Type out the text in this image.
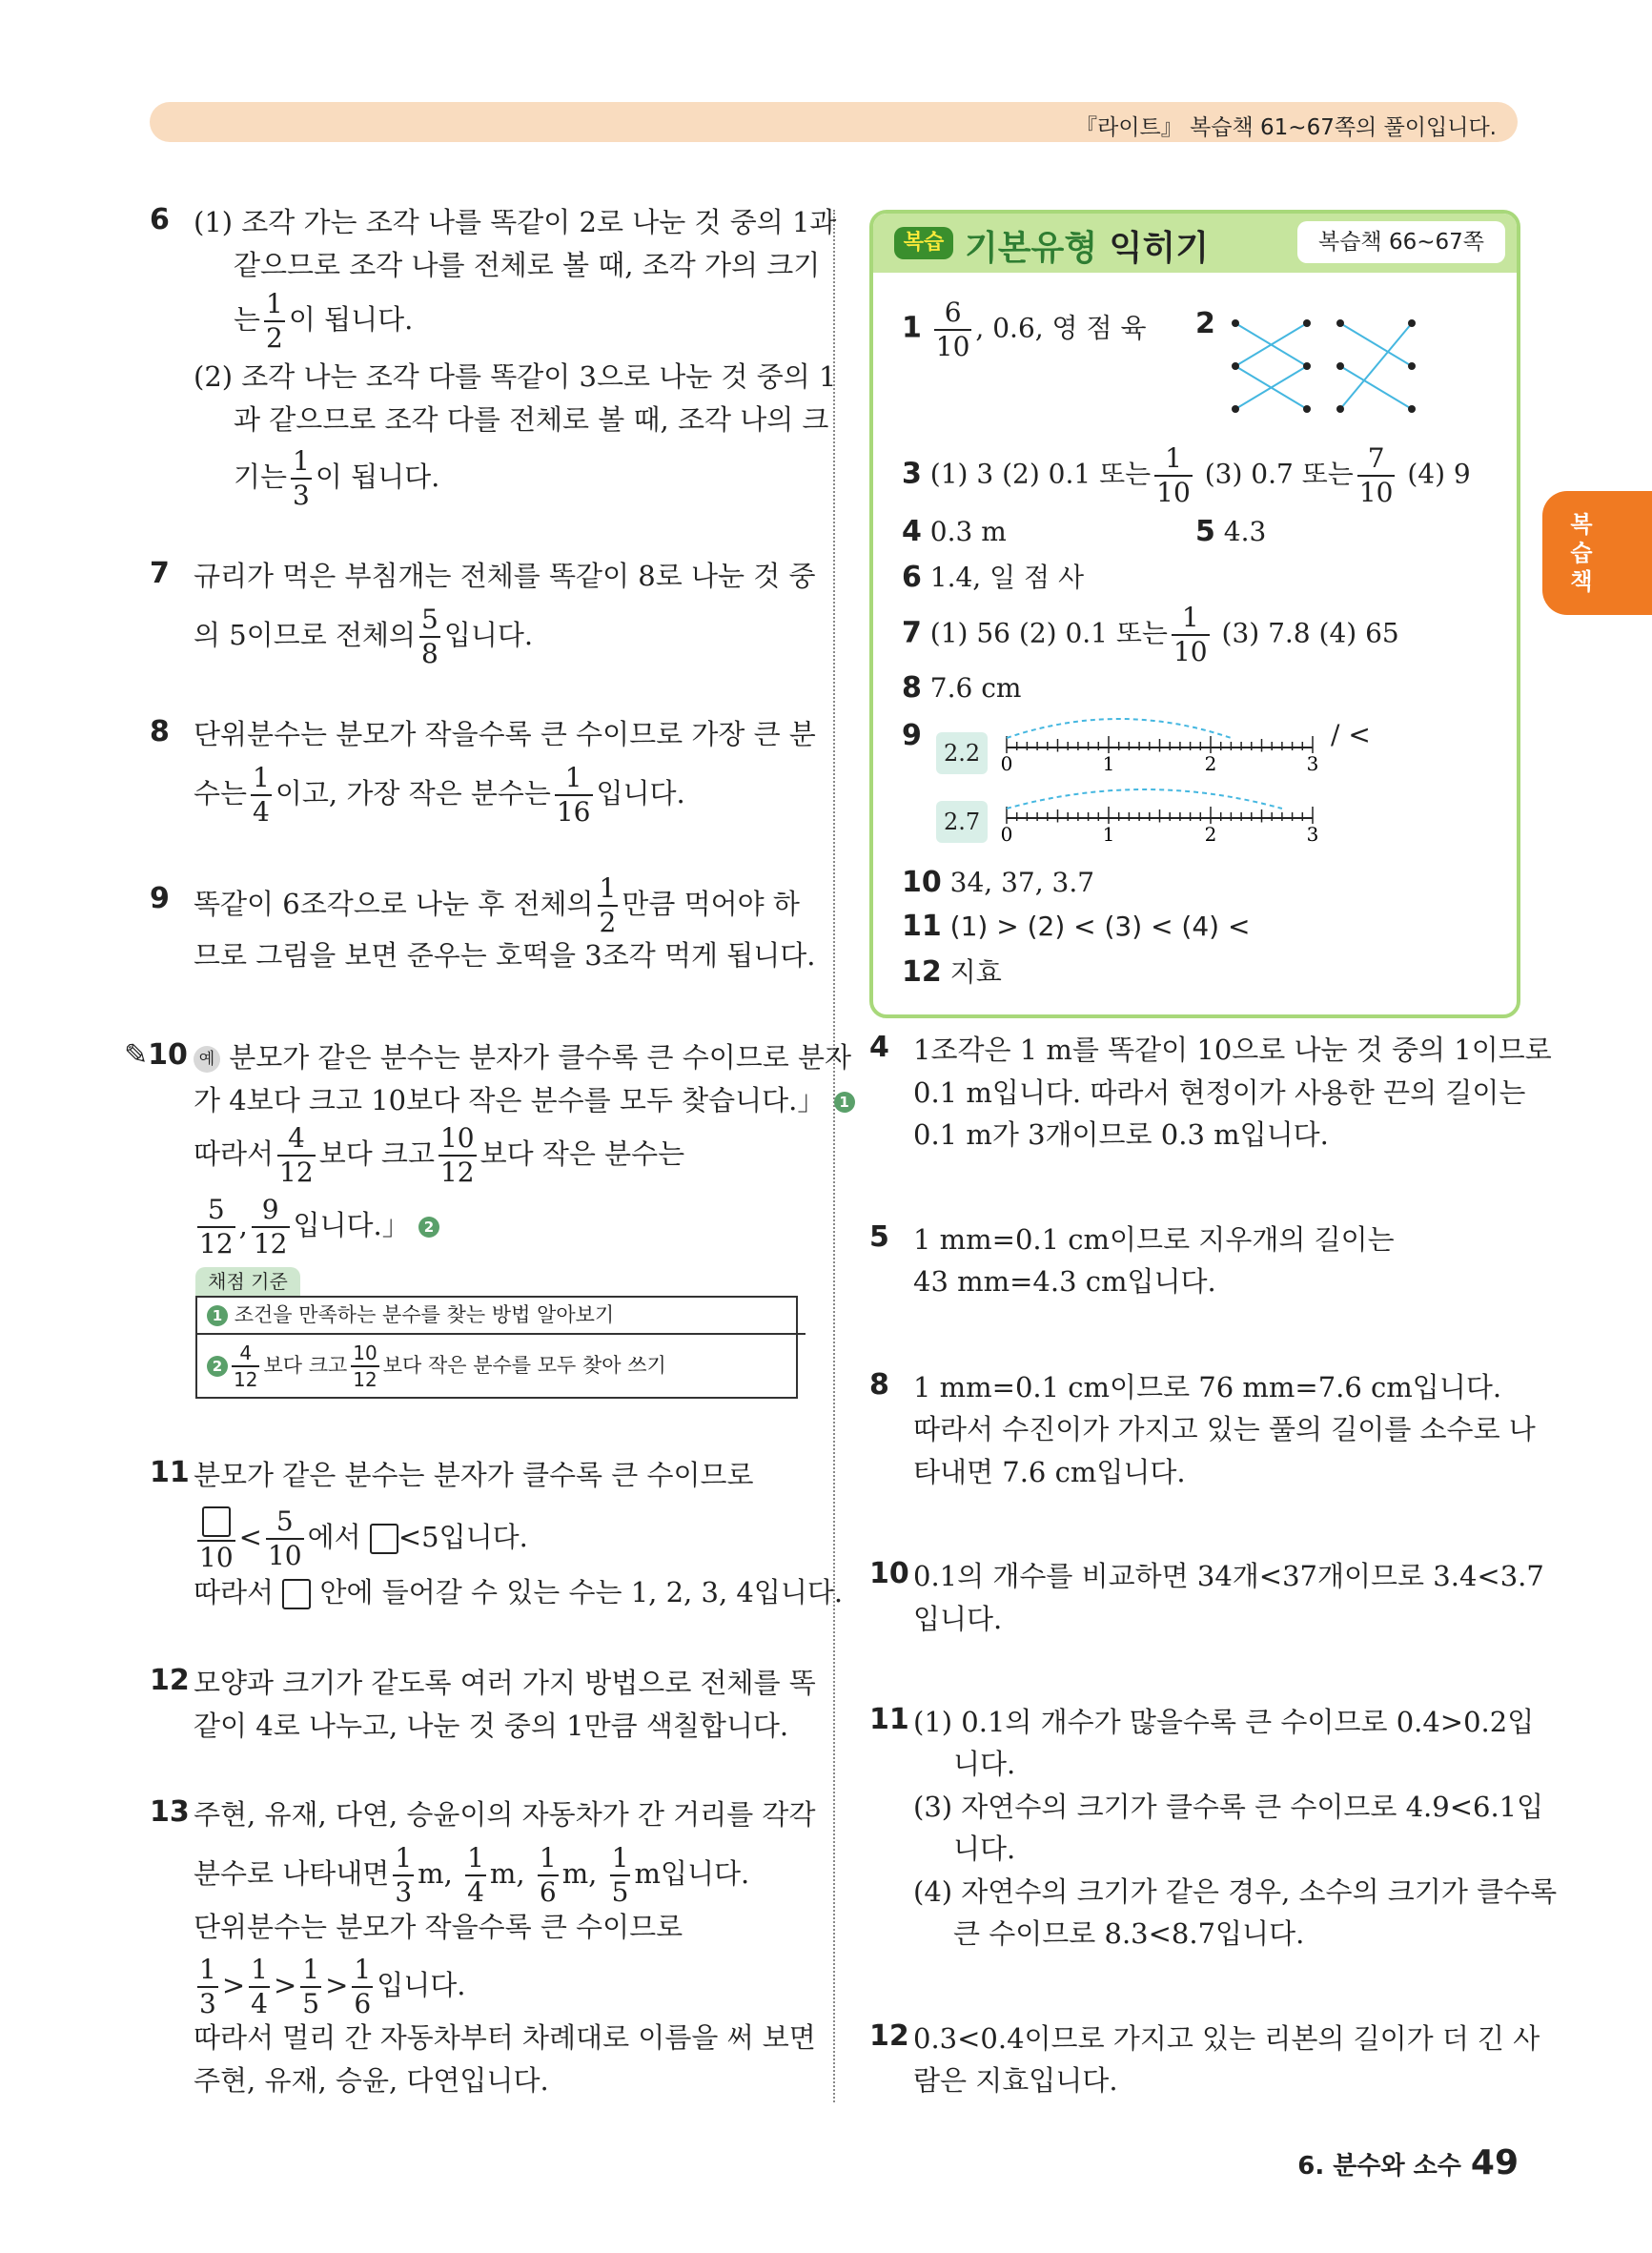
『라이트』 복습책 61~67쪽의 풀이입니다.
복습책
6 (1) 조각 가는 조각 나를 똑같이 2로 나눈 것 중의 1과
같으므로 조각 나를 전체로 볼 때, 조각 가의 크기
는 $\frac{1}{2}$ 이 됩니다.
(2) 조각 나는 조각 다를 똑같이 3으로 나눈 것 중의 1
과 같으므로 조각 다를 전체로 볼 때, 조각 나의 크
기는 $\frac{1}{3}$ 이 됩니다.
7 규리가 먹은 부침개는 전체를 똑같이 8로 나눈 것 중
의 5이므로 전체의 $\frac{5}{8}$ 입니다.
8 단위분수는 분모가 작을수록 큰 수이므로 가장 큰 분
수는 $\frac{1}{4}$ 이고, 가장 작은 분수는 $\frac{1}{16}$ 입니다.
9 똑같이 6조각으로 나눈 후 전체의 $\frac{1}{2}$ 만큼 먹어야 하
므로 그림을 보면 준우는 호떡을 3조각 먹게 됩니다.
✎10 예 분모가 같은 분수는 분자가 클수록 큰 수이므로 분자
가 4보다 크고 10보다 작은 분수를 모두 찾습니다.」 1
따라서 $\frac{4}{12}$ 보다 크고 $\frac{10}{12}$ 보다 작은 분수는
$\frac{5}{12}$ , $\frac{9}{12}$ 입니다.」 2
채점 기준
1 조건을 만족하는 분수를 찾는 방법 알아보기
$2 \frac{4}{12}$ 보다 크고 $\frac{10}{12}$ 보다 작은 분수를 모두 찾아 쓰기
11 분모가 같은 분수는 분자가 클수록 큰 수이므로
10
< $\frac{5}{10}$ 에서 <5입니다.
따라서 안에 들어갈 수 있는 수는 1, 2, 3, 4입니다.
12 모양과 크기가 같도록 여러 가지 방법으로 전체를 똑
같이 4로 나누고, 나눈 것 중의 1만큼 색칠합니다.
13 주현, 유재, 다연, 승윤이의 자동차가 간 거리를 각각
분수로 나타내면 $\frac{1}{3} m$, $\frac{1}{4} m$, $\frac{1}{6} m$, $\frac{1}{5}$ m입니다.
단위분수는 분모가 작을수록 큰 수이므로
$\frac{1}{3} > \frac{1}{4} > \frac{1}{5} > \frac{1}{6}$ 입니다.
따라서 멀리 간 자동차부터 차례대로 이름을 써 보면
주현, 유재, 승윤, 다연입니다.
복습 기본유형 익히기	복습책 66~67쪽
$1 \frac{6}{10}$ , 0.6, 영 점 육 2
3 (1) 3 (2) 0.1 또는 $\frac{1}{10} (3)$ 0.7 또는 $\frac{7}{10} (4)$ 9
4 0.3 m	5 4.3
6 1.4, 일 점 사
7 (1) 56 (2) 0.1 또는 $\frac{1}{10} (3)$ 7.8 (4) 65
8 7.6 cm
9
2.2
2.7
/ <
0	1	2	3
0	1	2	3
10 34, 37, 3.7
11 (1) > (2) < (3) < (4) <
12 지효
4 1조각은 1 m를 똑같이 10으로 나눈 것 중의 1이므로
0.1 m입니다. 따라서 현정이가 사용한 끈의 길이는
0.1 m가 3개이므로 0.3 m입니다.
5 1 mm=0.1 cm이므로 지우개의 길이는
43 mm=4.3 cm입니다.
8 1 mm=0.1 cm이므로 76 mm=7.6 cm입니다.
따라서 수진이가 가지고 있는 풀의 길이를 소수로 나
타내면 7.6 cm입니다.
10 0.1의 개수를 비교하면 34개<37개이므로 3.4<3.7
입니다.
11 (1) 0.1의 개수가 많을수록 큰 수이므로 0.4>0.2입
니다.
(3) 자연수의 크기가 클수록 큰 수이므로 4.9<6.1입
니다.
(4) 자연수의 크기가 같은 경우, 소수의 크기가 클수록
큰 수이므로 8.3<8.7입니다.
12 0.3<0.4이므로 가지고 있는 리본의 길이가 더 긴 사
람은 지효입니다.
6. 분수와 소수 49
